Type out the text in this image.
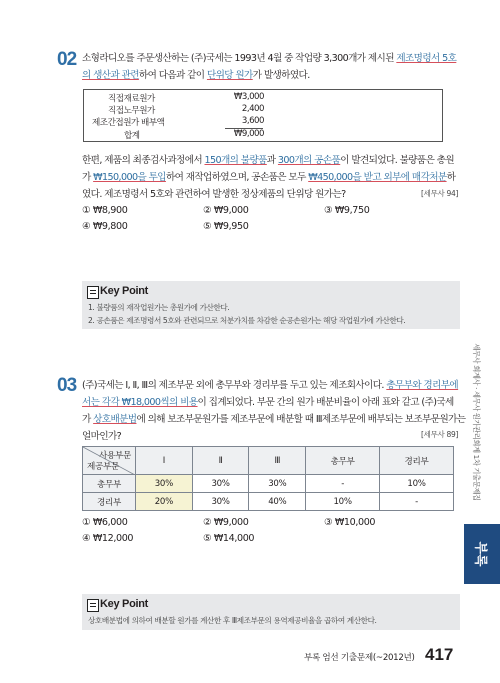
02 소형라디오를 주문생산하는 (주)국세는 1993년 4월 중 작업량 3,300개가 제시된 제조명령서 5호
의 생산과 관련하여 다음과 같이 단위당 원가가 발생하였다.
직접재료원가	₩3,000
직접노무원가	2,400
제조간접원가 배부액	3,600
합계	₩9,000
한편, 제품의 최종검사과정에서 150개의 불량품과 300개의 공손품이 발견되었다. 불량품은 총원
가 ₩150,000을 투입하여 재작업하였으며, 공손품은 모두 ₩450,000을 받고 외부에 매각처분하
였다. 제조명령서 5호와 관련하여 발생한 정상제품의 단위당 원가는?	[세무사 94]
① ₩8,900	② ₩9,000	③ ₩9,750
④ ₩9,800	⑤ ₩9,950
Key Point
1. 불량품의 재작업원가는 총원가에 가산한다.
2. 공손품은 제조명령서 5호와 관련되므로 처분가치를 차감한 순공손원가는 해당 작업원가에 가산한다.
03 (주)국세는 Ⅰ, Ⅱ, Ⅲ의 제조부문 외에 총무부와 경리부를 두고 있는 제조회사이다. 총무부와 경리부에
서는 각각 ₩18,000씩의 비용이 집계되었다. 부문 간의 원가 배분비율이 아래 표와 같고 (주)국세
가 상호배분법에 의해 보조부문원가를 제조부문에 배분할 때 Ⅲ제조부문에 배부되는 보조부문원가는
얼마인가?	[세무사 89]
사용부문
제공부문	Ⅰ	Ⅱ	Ⅲ	총무부	경리부
총무부	30%	30%	30%	-	10%
경리부	20%	30%	40%	10%	-
① ₩6,000	② ₩9,000	③ ₩10,000
④ ₩12,000	⑤ ₩14,000
Key Point
상호배분법에 의하여 배분할 원가를 계산한 후 Ⅲ제조부문의 용역제공비율을 곱하여 계산한다.
세무사 회계사 · 세무사 원가관리회계 1차 기출문제집
부록
부록 엄선 기출문제(~2012년) 417
